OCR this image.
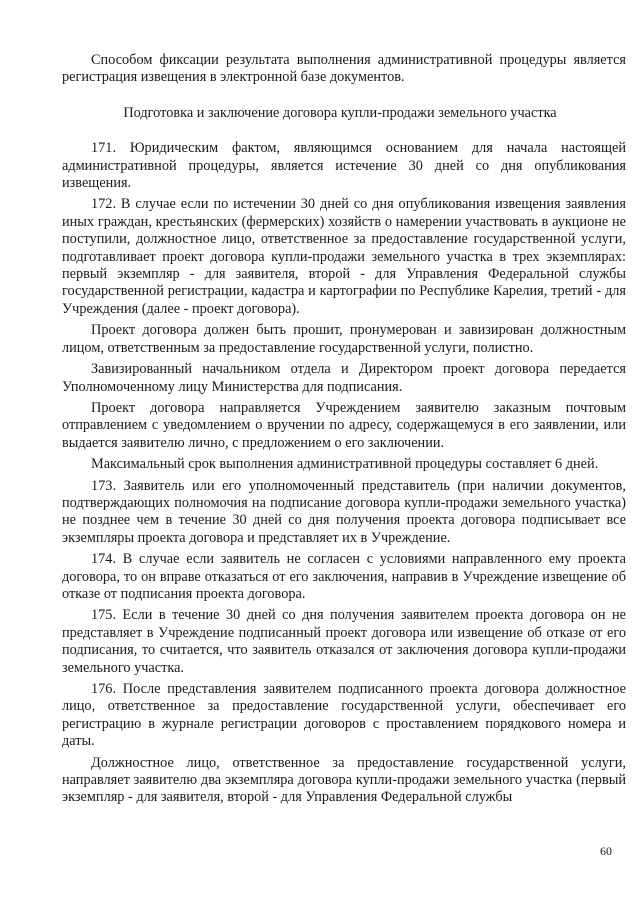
Способом фиксации результата выполнения административной процедуры является регистрация извещения в электронной базе документов.

Подготовка и заключение договора купли-продажи земельного участка

171. Юридическим фактом, являющимся основанием для начала настоящей административной процедуры, является истечение 30 дней со дня опубликования извещения.

172. В случае если по истечении 30 дней со дня опубликования извещения заявления иных граждан, крестьянских (фермерских) хозяйств о намерении участвовать в аукционе не поступили, должностное лицо, ответственное за предоставление государственной услуги, подготавливает проект договора купли-продажи земельного участка в трех экземплярах: первый экземпляр - для заявителя, второй - для Управления Федеральной службы государственной регистрации, кадастра и картографии по Республике Карелия, третий - для Учреждения (далее - проект договора).

Проект договора должен быть прошит, пронумерован и завизирован должностным лицом, ответственным за предоставление государственной услуги, полистно.

Завизированный начальником отдела и Директором проект договора передается Уполномоченному лицу Министерства для подписания.

Проект договора направляется Учреждением заявителю заказным почтовым отправлением с уведомлением о вручении по адресу, содержащемуся в его заявлении, или выдается заявителю лично, с предложением о его заключении.

Максимальный срок выполнения административной процедуры составляет 6 дней.

173. Заявитель или его уполномоченный представитель (при наличии документов, подтверждающих полномочия на подписание договора купли-продажи земельного участка) не позднее чем в течение 30 дней со дня получения проекта договора подписывает все экземпляры проекта договора и представляет их в Учреждение.

174. В случае если заявитель не согласен с условиями направленного ему проекта договора, то он вправе отказаться от его заключения, направив в Учреждение извещение об отказе от подписания проекта договора.

175. Если в течение 30 дней со дня получения заявителем проекта договора он не представляет в Учреждение подписанный проект договора или извещение об отказе от его подписания, то считается, что заявитель отказался от заключения договора купли-продажи земельного участка.

176. После представления заявителем подписанного проекта договора должностное лицо, ответственное за предоставление государственной услуги, обеспечивает его регистрацию в журнале регистрации договоров с проставлением порядкового номера и даты.

Должностное лицо, ответственное за предоставление государственной услуги, направляет заявителю два экземпляра договора купли-продажи земельного участка (первый экземпляр - для заявителя, второй - для Управления Федеральной службы

60
